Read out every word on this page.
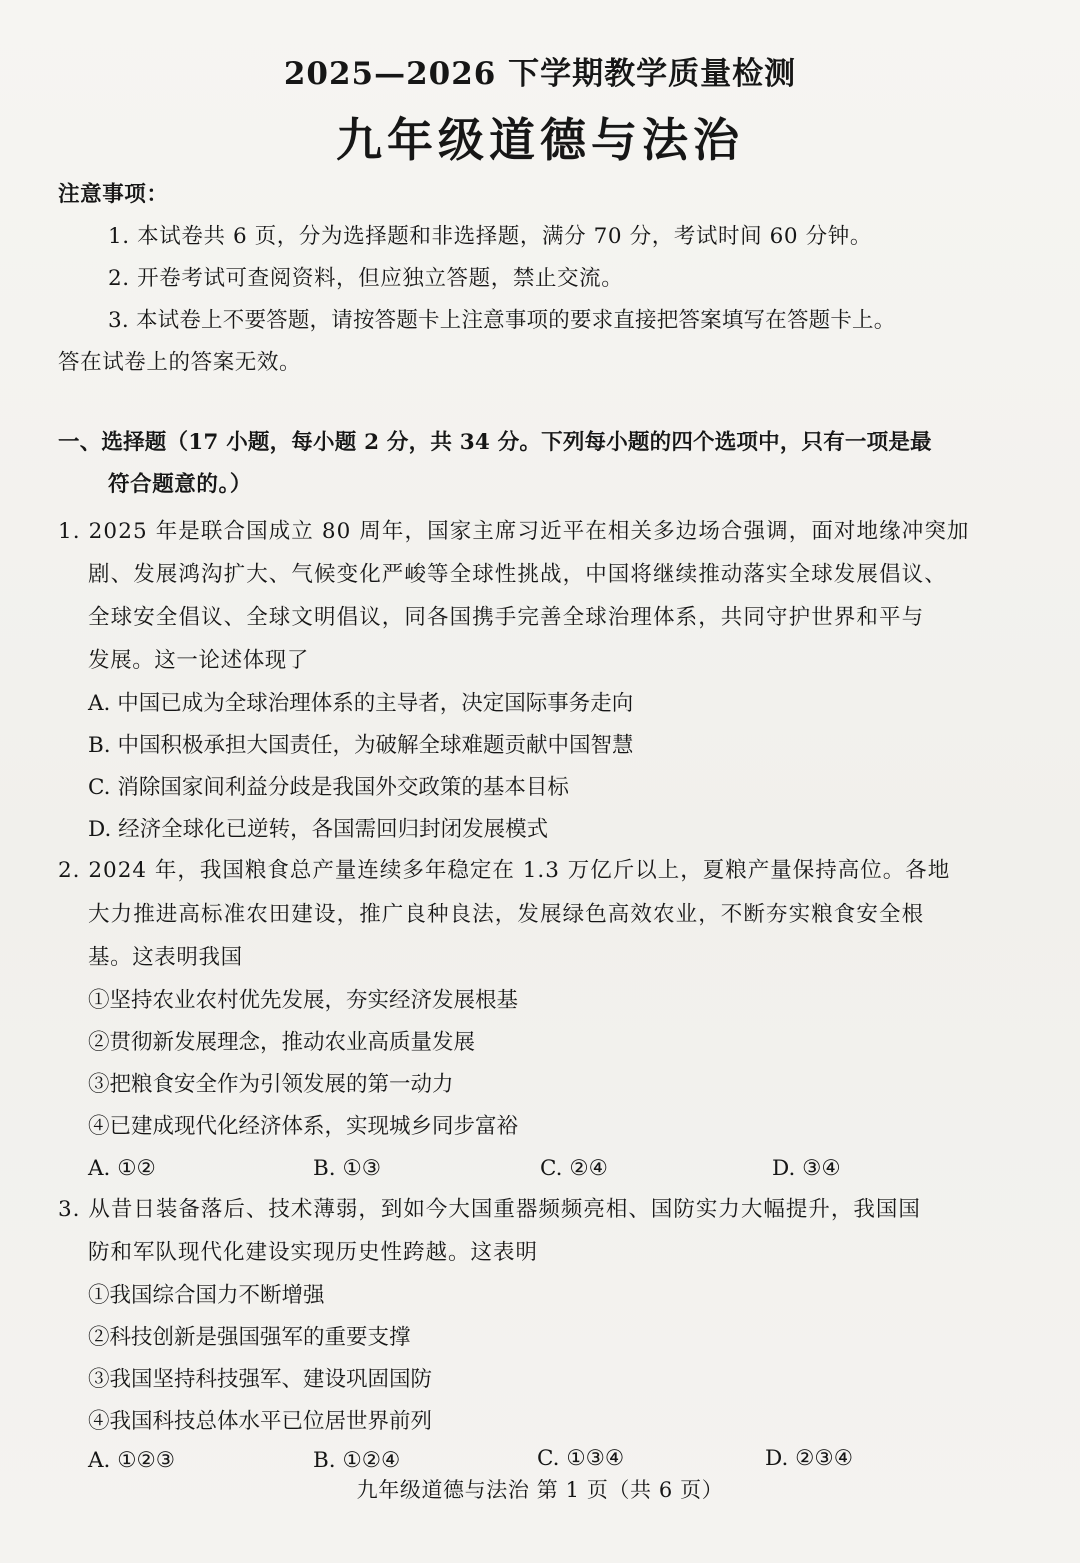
2025—2026 下学期教学质量检测
九年级道德与法治
注意事项：
1. 本试卷共 6 页，分为选择题和非选择题，满分 70 分，考试时间 60 分钟。
2. 开卷考试可查阅资料，但应独立答题，禁止交流。
3. 本试卷上不要答题，请按答题卡上注意事项的要求直接把答案填写在答题卡上。
答在试卷上的答案无效。
一、选择题（17 小题，每小题 2 分，共 34 分。下列每小题的四个选项中，只有一项是最
符合题意的。）
1. 2025 年是联合国成立 80 周年，国家主席习近平在相关多边场合强调，面对地缘冲突加
剧、发展鸿沟扩大、气候变化严峻等全球性挑战，中国将继续推动落实全球发展倡议、
全球安全倡议、全球文明倡议，同各国携手完善全球治理体系，共同守护世界和平与
发展。这一论述体现了
A. 中国已成为全球治理体系的主导者，决定国际事务走向
B. 中国积极承担大国责任，为破解全球难题贡献中国智慧
C. 消除国家间利益分歧是我国外交政策的基本目标
D. 经济全球化已逆转，各国需回归封闭发展模式
2. 2024 年，我国粮食总产量连续多年稳定在 1.3 万亿斤以上，夏粮产量保持高位。各地
大力推进高标准农田建设，推广良种良法，发展绿色高效农业，不断夯实粮食安全根
基。这表明我国
①坚持农业农村优先发展，夯实经济发展根基
②贯彻新发展理念，推动农业高质量发展
③把粮食安全作为引领发展的第一动力
④已建成现代化经济体系，实现城乡同步富裕
A. ①②	B. ①③	C. ②④	D. ③④
3. 从昔日装备落后、技术薄弱，到如今大国重器频频亮相、国防实力大幅提升，我国国
防和军队现代化建设实现历史性跨越。这表明
①我国综合国力不断增强
②科技创新是强国强军的重要支撑
③我国坚持科技强军、建设巩固国防
④我国科技总体水平已位居世界前列
A. ①②③	B. ①②④	C. ①③④	D. ②③④
九年级道德与法治 第 1 页（共 6 页）
